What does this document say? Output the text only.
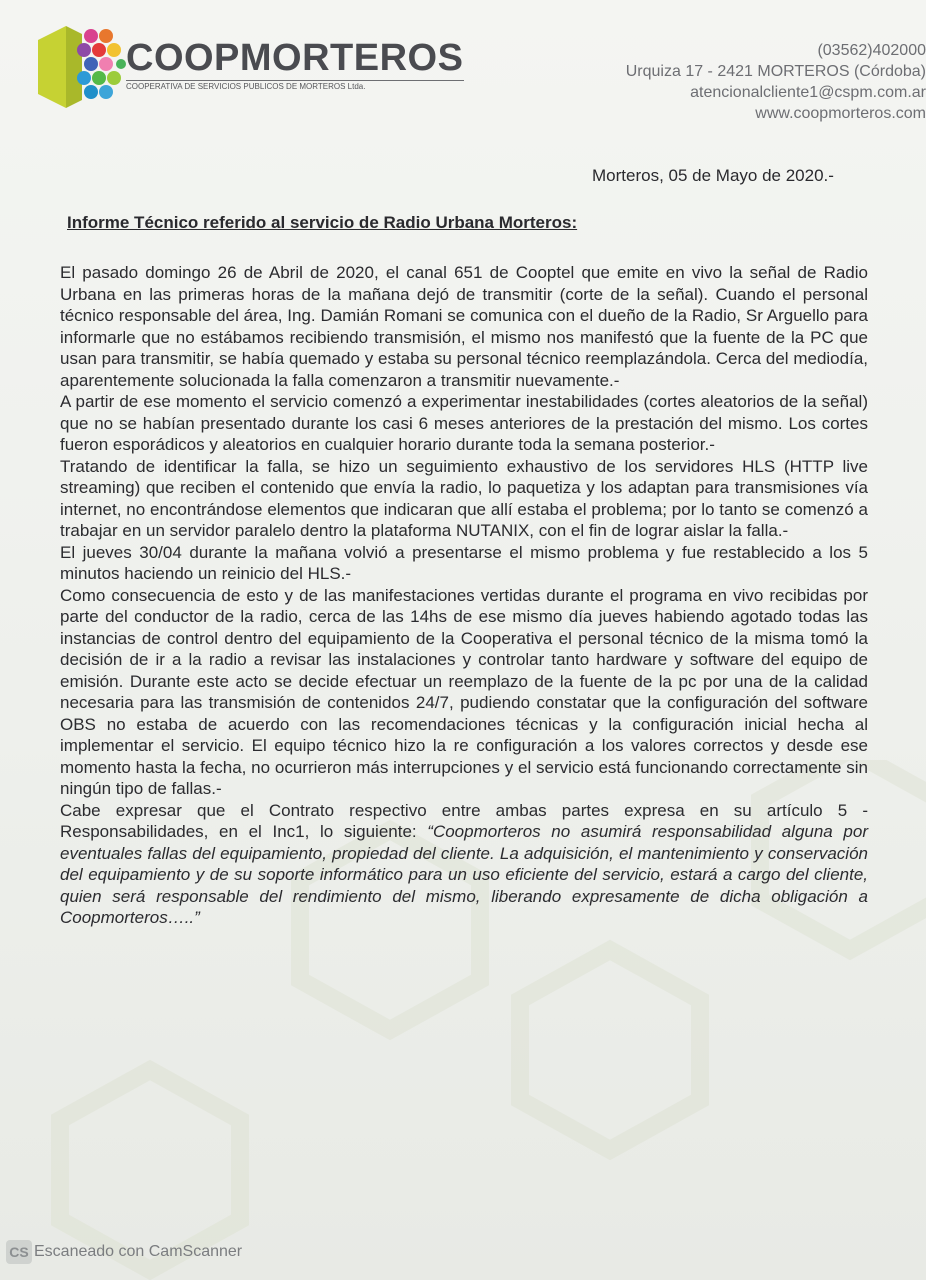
COOPMORTEROS
COOPERATIVA DE SERVICIOS PUBLICOS DE MORTEROS Ltda.
(03562)402000
Urquiza 17 - 2421 MORTEROS (Córdoba)
atencionalcliente1@cspm.com.ar
www.coopmorteros.com
Morteros, 05 de Mayo de 2020.-
Informe Técnico referido al servicio de Radio Urbana Morteros:

El pasado domingo 26 de Abril de 2020, el canal 651 de Cooptel que emite en vivo la señal de Radio Urbana en las primeras horas de la mañana dejó de transmitir (corte de la señal). Cuando el personal técnico responsable del área, Ing. Damián Romani se comunica con el dueño de la Radio, Sr Arguello para informarle que no estábamos recibiendo transmisión, el mismo nos manifestó que la fuente de la PC que usan para transmitir, se había quemado y estaba su personal técnico reemplazándola. Cerca del mediodía, aparentemente solucionada la falla comenzaron a transmitir nuevamente.-

A partir de ese momento el servicio comenzó a experimentar inestabilidades (cortes aleatorios de la señal) que no se habían presentado durante los casi 6 meses anteriores de la prestación del mismo. Los cortes fueron esporádicos y aleatorios en cualquier horario durante toda la semana posterior.-

Tratando de identificar la falla, se hizo un seguimiento exhaustivo de los servidores HLS (HTTP live streaming) que reciben el contenido que envía la radio, lo paquetiza y los adaptan para transmisiones vía internet, no encontrándose elementos que indicaran que allí estaba el problema; por lo tanto se comenzó a trabajar en un servidor paralelo dentro la plataforma NUTANIX, con el fin de lograr aislar la falla.-

El jueves 30/04 durante la mañana volvió a presentarse el mismo problema y fue restablecido a los 5 minutos haciendo un reinicio del HLS.-

Como consecuencia de esto y de las manifestaciones vertidas durante el programa en vivo recibidas por parte del conductor de la radio, cerca de las 14hs de ese mismo día jueves habiendo agotado todas las instancias de control dentro del equipamiento de la Cooperativa el personal técnico de la misma tomó la decisión de ir a la radio a revisar las instalaciones y controlar tanto hardware y software del equipo de emisión. Durante este acto se decide efectuar un reemplazo de la fuente de la pc por una de la calidad necesaria para las transmisión de contenidos 24/7, pudiendo constatar que la configuración del software OBS no estaba de acuerdo con las recomendaciones técnicas y la configuración inicial hecha al implementar el servicio. El equipo técnico hizo la re configuración a los valores correctos y desde ese momento hasta la fecha, no ocurrieron más interrupciones y el servicio está funcionando correctamente sin ningún tipo de fallas.-

Cabe expresar que el Contrato respectivo entre ambas partes expresa en su artículo 5 - Responsabilidades, en el Inc1, lo siguiente: “Coopmorteros no asumirá responsabilidad alguna por eventuales fallas del equipamiento, propiedad del cliente. La adquisición, el mantenimiento y conservación del equipamiento y de su soporte informático para un uso eficiente del servicio, estará a cargo del cliente, quien será responsable del rendimiento del mismo, liberando expresamente de dicha obligación a Coopmorteros…..”

CS Escaneado con CamScanner
